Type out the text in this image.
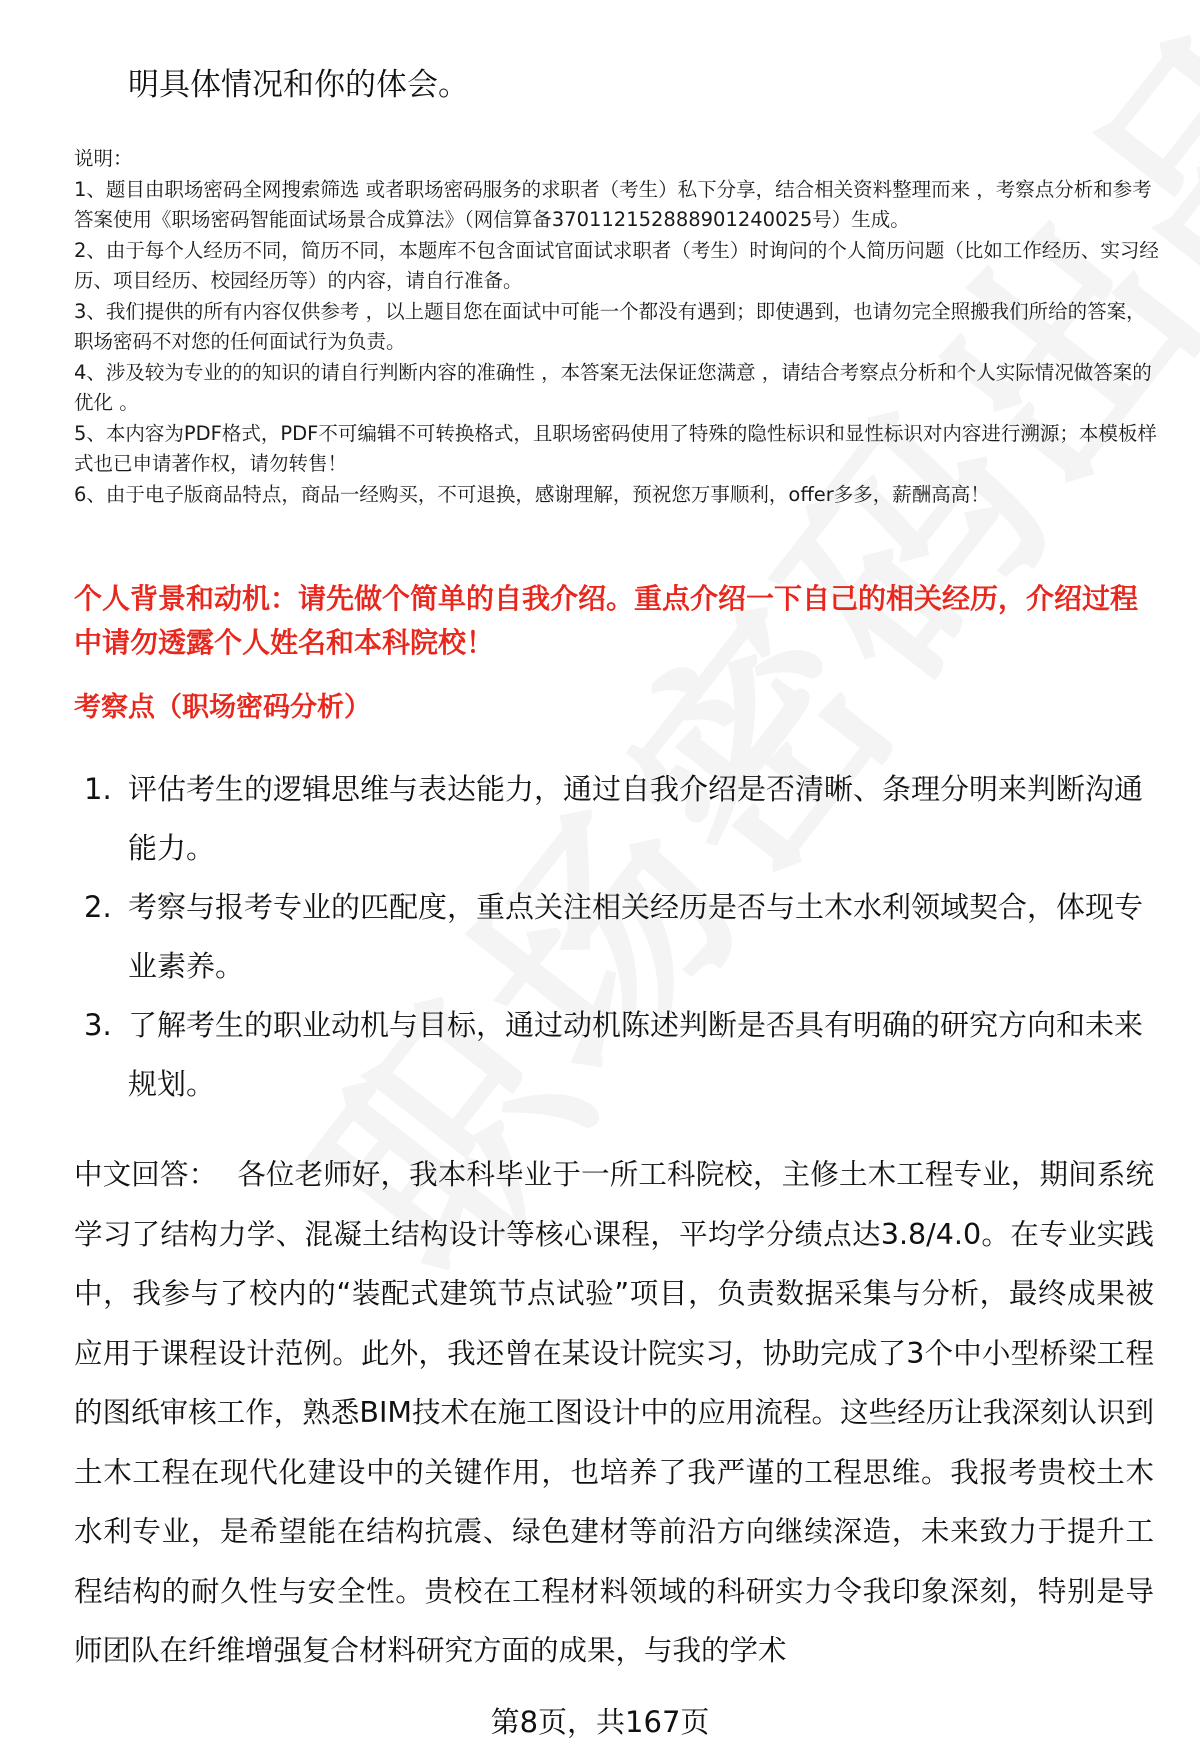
明具体情况和你的体会。

说明：

1、题目由职场密码全网搜索筛选 或者职场密码服务的求职者（考生）私下分享，结合相关资料整理而来 ，考察点分析和参考答案使用《职场密码智能面试场景合成算法》（网信算备370112152888901240025号）生成。

2、由于每个人经历不同，简历不同，本题库不包含面试官面试求职者（考生）时询问的个人简历问题（比如工作经历、实习经历、项目经历、校园经历等）的内容，请自行准备。

3、我们提供的所有内容仅供参考 ，以上题目您在面试中可能一个都没有遇到；即使遇到，也请勿完全照搬我们所给的答案，职场密码不对您的任何面试行为负责。

4、涉及较为专业的的知识的请自行判断内容的准确性 ，本答案无法保证您满意 ，请结合考察点分析和个人实际情况做答案的优化 。

5、本内容为PDF格式，PDF不可编辑不可转换格式，且职场密码使用了特殊的隐性标识和显性标识对内容进行溯源；本模板样式也已申请著作权，请勿转售！

6、由于电子版商品特点，商品一经购买，不可退换，感谢理解，预祝您万事顺利，offer多多，薪酬高高！

个人背景和动机：请先做个简单的自我介绍。重点介绍一下自己的相关经历，介绍过程中请勿透露个人姓名和本科院校！
考察点（职场密码分析）
1. 评估考生的逻辑思维与表达能力，通过自我介绍是否清晰、条理分明来判断沟通能力。
2. 考察与报考专业的匹配度，重点关注相关经历是否与土木水利领域契合，体现专业素养。
3. 了解考生的职业动机与目标，通过动机陈述判断是否具有明确的研究方向和未来规划。

中文回答： 各位老师好，我本科毕业于一所工科院校，主修土木工程专业，期间系统学习了结构力学、混凝土结构设计等核心课程，平均学分绩点达3.8/4.0。在专业实践中，我参与了校内的“装配式建筑节点试验”项目，负责数据采集与分析，最终成果被应用于课程设计范例。此外，我还曾在某设计院实习，协助完成了3个中小型桥梁工程的图纸审核工作，熟悉BIM技术在施工图设计中的应用流程。这些经历让我深刻认识到土木工程在现代化建设中的关键作用，也培养了我严谨的工程思维。我报考贵校土木水利专业，是希望能在结构抗震、绿色建材等前沿方向继续深造，未来致力于提升工程结构的耐久性与安全性。贵校在工程材料领域的科研实力令我印象深刻，特别是导师团队在纤维增强复合材料研究方面的成果，与我的学术

第8页，共167页
